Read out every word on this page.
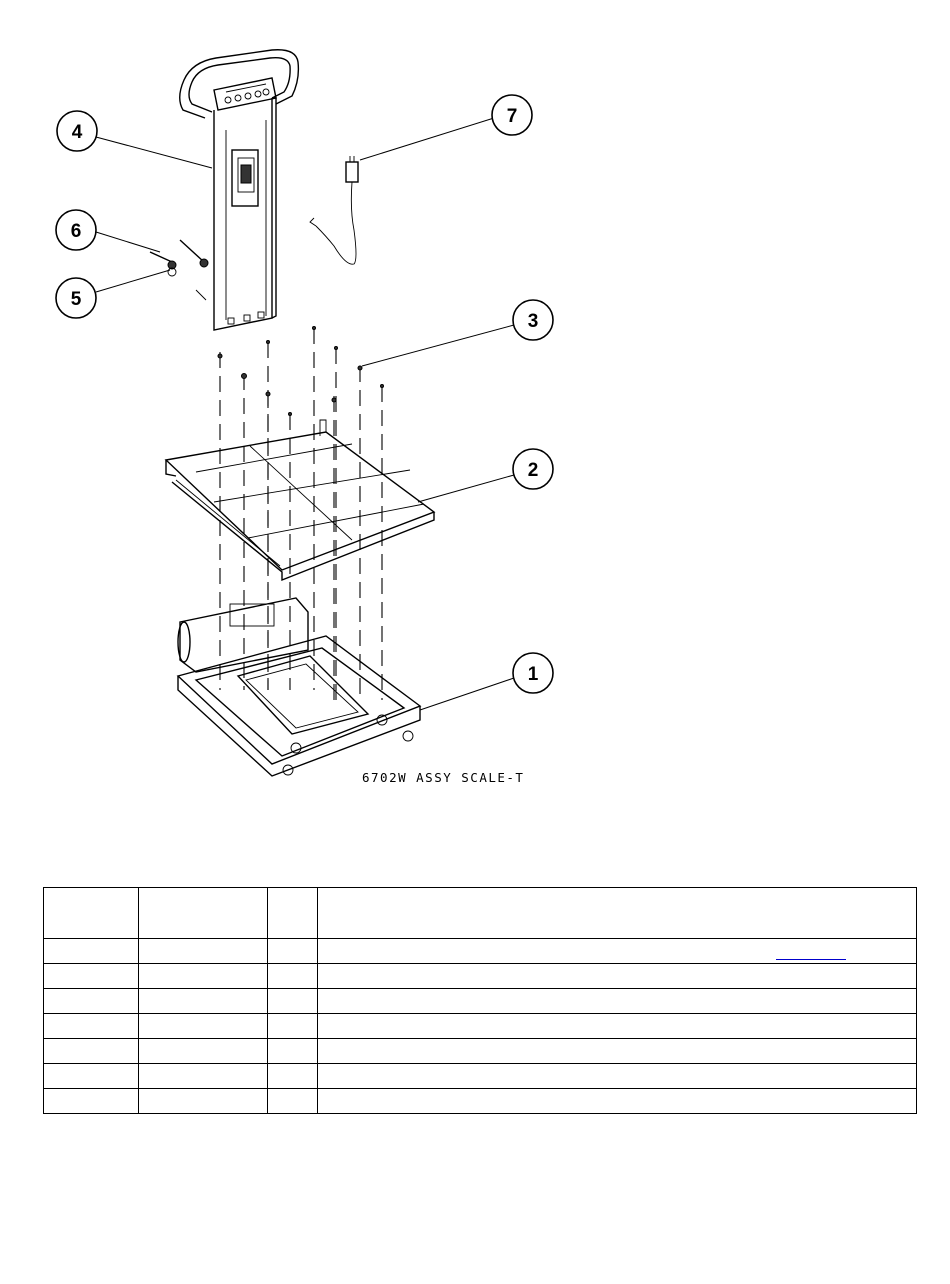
4
6
5
7
3
2
1
6702W ASSY SCALE-T
